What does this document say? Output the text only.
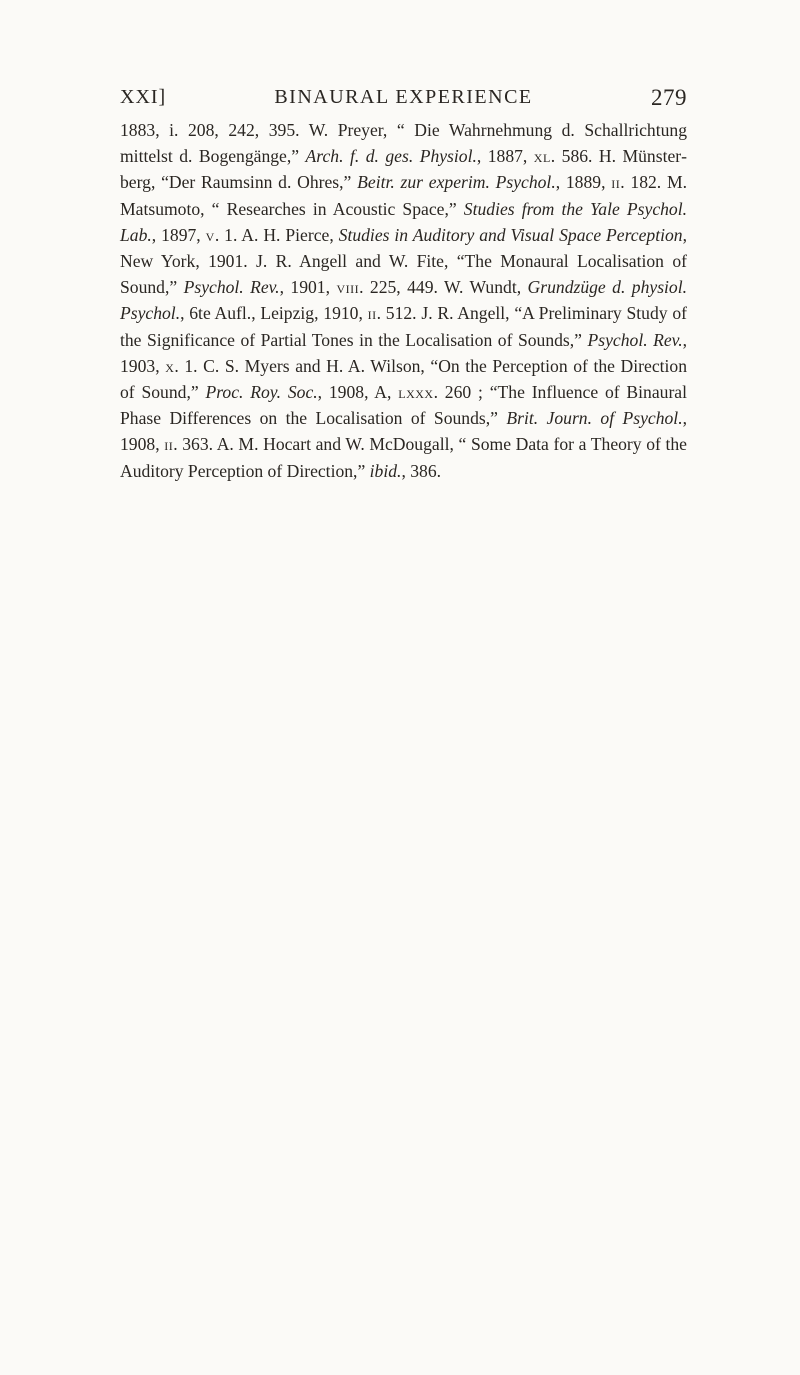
XXI]	BINAURAL EXPERIENCE	279
1883, i. 208, 242, 395. W. Preyer, “ Die Wahrnehmung d. Schallrichtung mittelst d. Bogengänge,” Arch. f. d. ges. Physiol., 1887, xl. 586. H. Münsterberg, “Der Raumsinn d. Ohres,” Beitr. zur experim. Psychol., 1889, ii. 182. M. Matsumoto, “ Researches in Acoustic Space,” Studies from the Yale Psychol. Lab., 1897, v. 1. A. H. Pierce, Studies in Auditory and Visual Space Perception, New York, 1901. J. R. Angell and W. Fite, “The Monaural Localisation of Sound,” Psychol. Rev., 1901, viii. 225, 449. W. Wundt, Grundzüge d. physiol. Psychol., 6te Aufl., Leipzig, 1910, ii. 512. J. R. Angell, “A Preliminary Study of the Significance of Partial Tones in the Localisation of Sounds,” Psychol. Rev., 1903, x. 1. C. S. Myers and H. A. Wilson, “On the Perception of the Direction of Sound,” Proc. Roy. Soc., 1908, A, lxxx. 260 ; “The Influence of Binaural Phase Differences on the Localisation of Sounds,” Brit. Journ. of Psychol., 1908, ii. 363. A. M. Hocart and W. McDougall, “ Some Data for a Theory of the Auditory Perception of Direction,” ibid., 386.
